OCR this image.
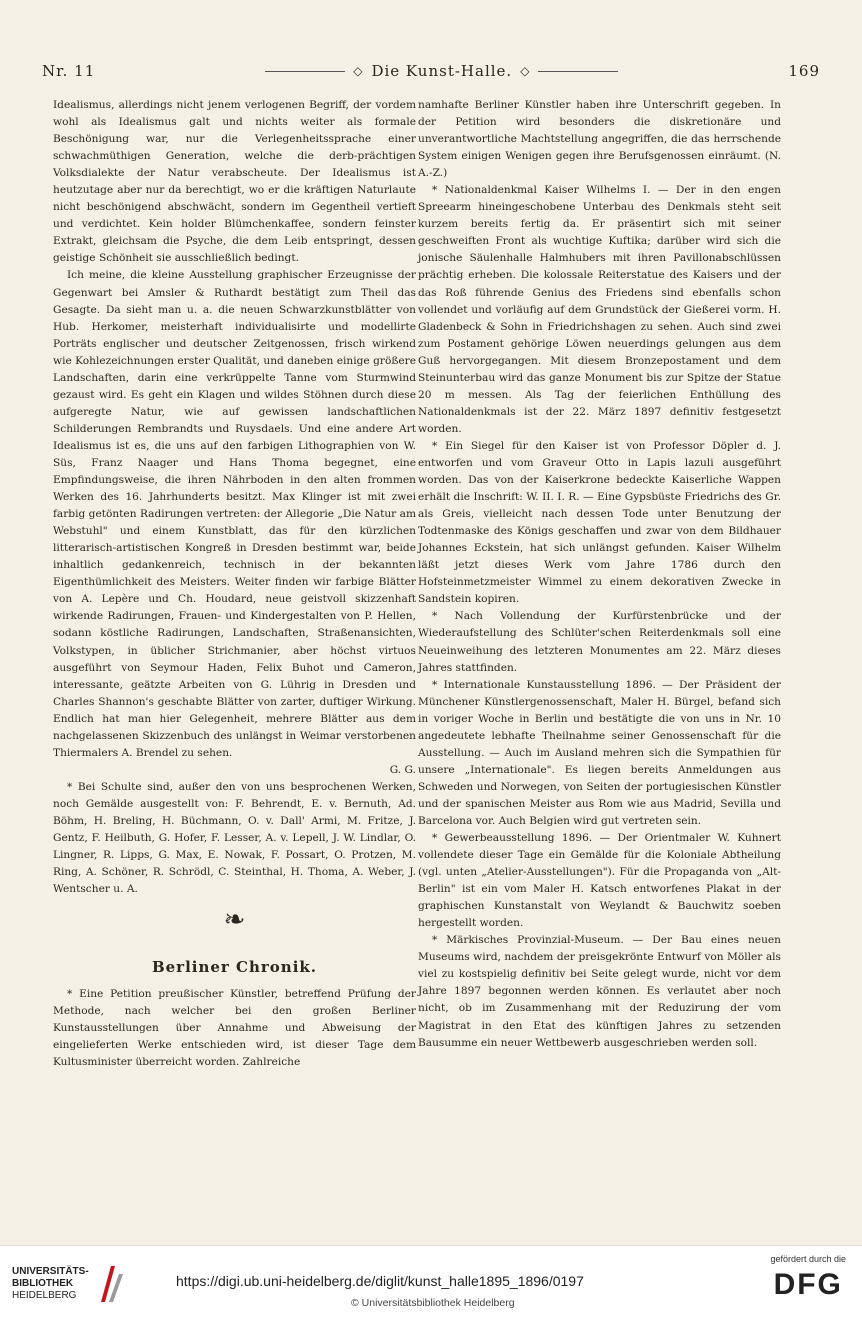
Nr. 11	◇ Die Kunst-Halle. ◇	169

Idealismus, allerdings nicht jenem verlogenen Begriff, der vordem wohl als Idealismus galt und nichts weiter als formale Beschönigung war, nur die Verlegenheitssprache einer schwachmüthigen Generation, welche die derb-prächtigen Volksdialekte der Natur verabscheute. Der Idealismus ist heutzutage aber nur da berechtigt, wo er die kräftigen Naturlaute nicht beschönigend abschwächt, sondern im Gegentheil vertieft und verdichtet. Kein holder Blümchenkaffee, sondern feinster Extrakt, gleichsam die Psyche, die dem Leib entspringt, dessen geistige Schönheit sie ausschließlich bedingt.

Ich meine, die kleine Ausstellung graphischer Erzeugnisse der Gegenwart bei Amsler & Ruthardt bestätigt zum Theil das Gesagte. Da sieht man u. a. die neuen Schwarzkunstblätter von Hub. Herkomer, meisterhaft individualisirte und modellirte Porträts englischer und deutscher Zeitgenossen, frisch wirkend wie Kohlezeichnungen erster Qualität, und daneben einige größere Landschaften, darin eine verkrüppelte Tanne vom Sturmwind gezaust wird. Es geht ein Klagen und wildes Stöhnen durch diese aufgeregte Natur, wie auf gewissen landschaftlichen Schilderungen Rembrandts und Ruysdaels. Und eine andere Art Idealismus ist es, die uns auf den farbigen Lithographien von W. Süs, Franz Naager und Hans Thoma begegnet, eine Empfindungsweise, die ihren Nährboden in den alten frommen Werken des 16. Jahrhunderts besitzt. Max Klinger ist mit zwei farbig getönten Radirungen vertreten: der Allegorie „Die Natur am Webstuhl" und einem Kunstblatt, das für den kürzlichen litterarisch-artistischen Kongreß in Dresden bestimmt war, beide inhaltlich gedankenreich, technisch in der bekannten Eigenthümlichkeit des Meisters. Weiter finden wir farbige Blätter von A. Lepère und Ch. Houdard, neue geistvoll skizzenhaft wirkende Radirungen, Frauen- und Kindergestalten von P. Hellen, sodann köstliche Radirungen, Landschaften, Straßenansichten, Volkstypen, in üblicher Strichmanier, aber höchst virtuos ausgeführt von Seymour Haden, Felix Buhot und Cameron, interessante, geätzte Arbeiten von G. Lührig in Dresden und Charles Shannon's geschabte Blätter von zarter, duftiger Wirkung. Endlich hat man hier Gelegenheit, mehrere Blätter aus dem nachgelassenen Skizzenbuch des unlängst in Weimar verstorbenen Thiermalers A. Brendel zu sehen.

G. G.

* Bei Schulte sind, außer den von uns besprochenen Werken, noch Gemälde ausgestellt von: F. Behrendt, E. v. Bernuth, Ad. Böhm, H. Breling, H. Büchmann, O. v. Dall' Armi, M. Fritze, J. Gentz, F. Heilbuth, G. Hofer, F. Lesser, A. v. Lepell, J. W. Lindlar, O. Lingner, R. Lipps, G. Max, E. Nowak, F. Possart, O. Protzen, M. Ring, A. Schöner, R. Schrödl, C. Steinthal, H. Thoma, A. Weber, J. Wentscher u. A.

❧
Berliner Chronik.

* Eine Petition preußischer Künstler, betreffend Prüfung der Methode, nach welcher bei den großen Berliner Kunstausstellungen über Annahme und Abweisung der eingelieferten Werke entschieden wird, ist dieser Tage dem Kultusminister überreicht worden. Zahlreiche

namhafte Berliner Künstler haben ihre Unterschrift gegeben. In der Petition wird besonders die diskretionäre und unverantwortliche Machtstellung angegriffen, die das herrschende System einigen Wenigen gegen ihre Berufsgenossen einräumt. (N. A.-Z.)

* Nationaldenkmal Kaiser Wilhelms I. — Der in den engen Spreearm hineingeschobene Unterbau des Denkmals steht seit kurzem bereits fertig da. Er präsentirt sich mit seiner geschweiften Front als wuchtige Kuftika; darüber wird sich die jonische Säulenhalle Halmhubers mit ihren Pavillonabschlüssen prächtig erheben. Die kolossale Reiterstatue des Kaisers und der das Roß führende Genius des Friedens sind ebenfalls schon vollendet und vorläufig auf dem Grundstück der Gießerei vorm. H. Gladenbeck & Sohn in Friedrichshagen zu sehen. Auch sind zwei zum Postament gehörige Löwen neuerdings gelungen aus dem Guß hervorgegangen. Mit diesem Bronzepostament und dem Steinunterbau wird das ganze Monument bis zur Spitze der Statue 20 m messen. Als Tag der feierlichen Enthüllung des Nationaldenkmals ist der 22. März 1897 definitiv festgesetzt worden.

* Ein Siegel für den Kaiser ist von Professor Döpler d. J. entworfen und vom Graveur Otto in Lapis lazuli ausgeführt worden. Das von der Kaiserkrone bedeckte Kaiserliche Wappen erhält die Inschrift: W. II. I. R. — Eine Gypsbüste Friedrichs des Gr. als Greis, vielleicht nach dessen Tode unter Benutzung der Todtenmaske des Königs geschaffen und zwar von dem Bildhauer Johannes Eckstein, hat sich unlängst gefunden. Kaiser Wilhelm läßt jetzt dieses Werk vom Jahre 1786 durch den Hofsteinmetzmeister Wimmel zu einem dekorativen Zwecke in Sandstein kopiren.

* Nach Vollendung der Kurfürstenbrücke und der Wiederaufstellung des Schlüter'schen Reiterdenkmals soll eine Neueinweihung des letzteren Monumentes am 22. März dieses Jahres stattfinden.

* Internationale Kunstausstellung 1896. — Der Präsident der Münchener Künstlergenossenschaft, Maler H. Bürgel, befand sich in voriger Woche in Berlin und bestätigte die von uns in Nr. 10 angedeutete lebhafte Theilnahme seiner Genossenschaft für die Ausstellung. — Auch im Ausland mehren sich die Sympathien für unsere „Internationale". Es liegen bereits Anmeldungen aus Schweden und Norwegen, von Seiten der portugiesischen Künstler und der spanischen Meister aus Rom wie aus Madrid, Sevilla und Barcelona vor. Auch Belgien wird gut vertreten sein.

* Gewerbeausstellung 1896. — Der Orientmaler W. Kuhnert vollendete dieser Tage ein Gemälde für die Koloniale Abtheilung (vgl. unten „Atelier-Ausstellungen"). Für die Propaganda von „Alt-Berlin" ist ein vom Maler H. Katsch entworfenes Plakat in der graphischen Kunstanstalt von Weylandt & Bauchwitz soeben hergestellt worden.

* Märkisches Provinzial-Museum. — Der Bau eines neuen Museums wird, nachdem der preisgekrönte Entwurf von Möller als viel zu kostspielig definitiv bei Seite gelegt wurde, nicht vor dem Jahre 1897 begonnen werden können. Es verlautet aber noch nicht, ob im Zusammenhang mit der Reduzirung der vom Magistrat in den Etat des künftigen Jahres zu setzenden Bausumme ein neuer Wettbewerb ausgeschrieben werden soll.

UNIVERSITÄTS-
BIBLIOTHEK
HEIDELBERG
https://digi.ub.uni-heidelberg.de/diglit/kunst_halle1895_1896/0197
© Universitätsbibliothek Heidelberg
gefördert durch die
DFG
